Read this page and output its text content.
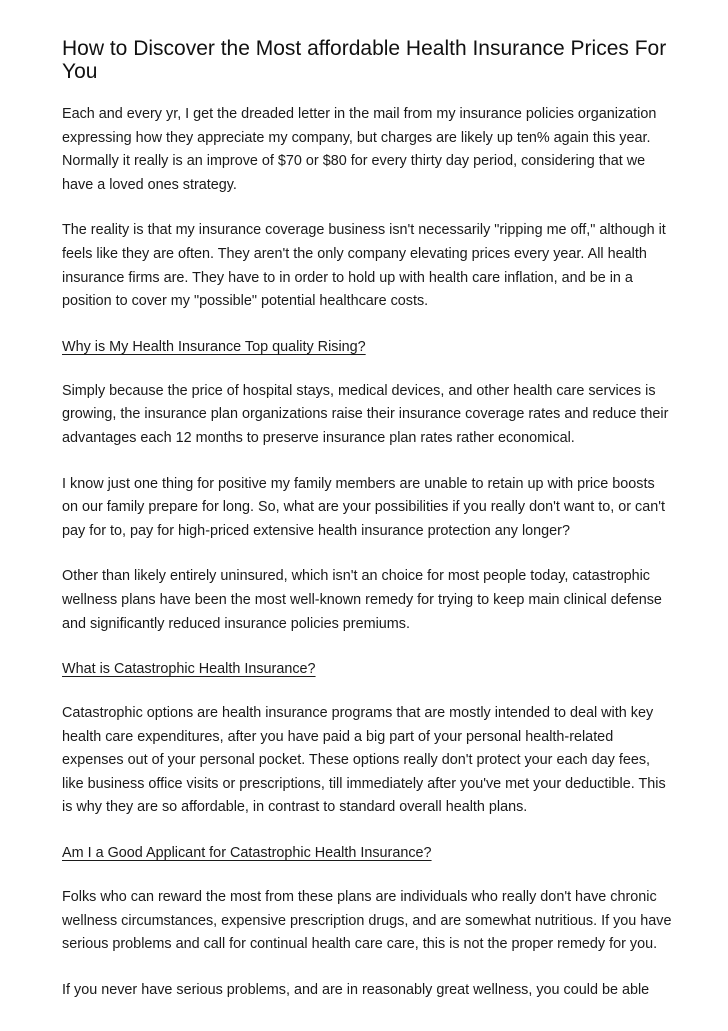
How to Discover the Most affordable Health Insurance Prices For You

Each and every yr, I get the dreaded letter in the mail from my insurance policies organization expressing how they appreciate my company, but charges are likely up ten% again this year. Normally it really is an improve of $70 or $80 for every thirty day period, considering that we have a loved ones strategy.

The reality is that my insurance coverage business isn't necessarily "ripping me off," although it feels like they are often. They aren't the only company elevating prices every year. All health insurance firms are. They have to in order to hold up with health care inflation, and be in a position to cover my "possible" potential healthcare costs.

Why is My Health Insurance Top quality Rising?

Simply because the price of hospital stays, medical devices, and other health care services is growing, the insurance plan organizations raise their insurance coverage rates and reduce their advantages each 12 months to preserve insurance plan rates rather economical.

I know just one thing for positive my family members are unable to retain up with price boosts on our family prepare for long. So, what are your possibilities if you really don't want to, or can't pay for to, pay for high-priced extensive health insurance protection any longer?

Other than likely entirely uninsured, which isn't an choice for most people today, catastrophic wellness plans have been the most well-known remedy for trying to keep main clinical defense and significantly reduced insurance policies premiums.

What is Catastrophic Health Insurance?

Catastrophic options are health insurance programs that are mostly intended to deal with key health care expenditures, after you have paid a big part of your personal health-related expenses out of your personal pocket. These options really don't protect your each day fees, like business office visits or prescriptions, till immediately after you've met your deductible. This is why they are so affordable, in contrast to standard overall health plans.

Am I a Good Applicant for Catastrophic Health Insurance?

Folks who can reward the most from these plans are individuals who really don't have chronic wellness circumstances, expensive prescription drugs, and are somewhat nutritious. If you have serious problems and call for continual health care care, this is not the proper remedy for you.

If you never have serious problems, and are in reasonably great wellness, you could be able
